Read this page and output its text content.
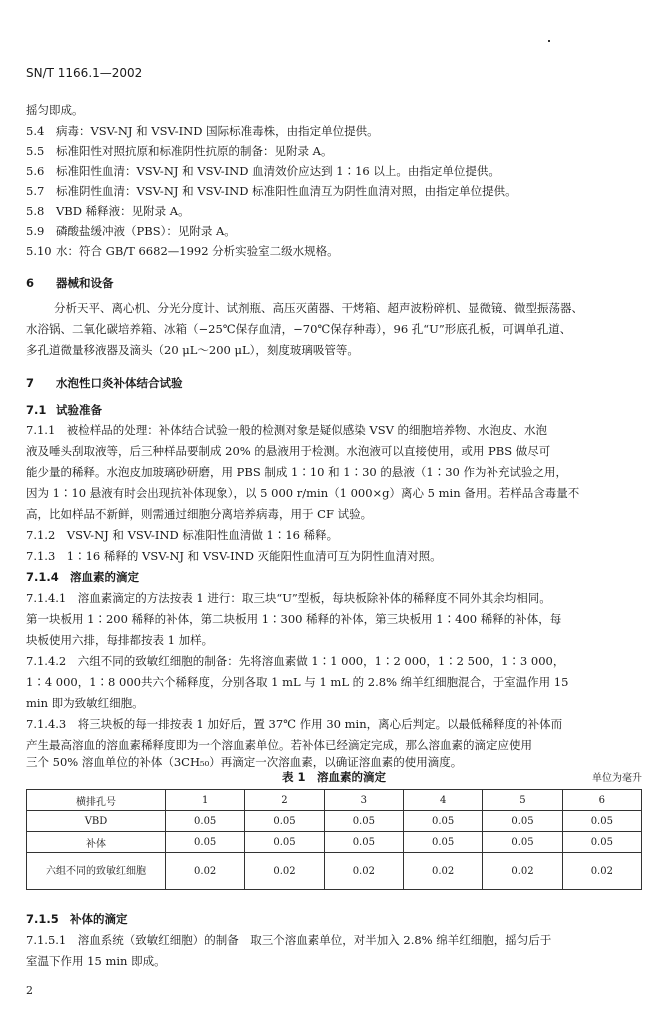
SN/T 1166.1—2002
摇匀即成。
5.4 病毒：VSV-NJ 和 VSV-IND 国际标准毒株，由指定单位提供。
5.5 标准阳性对照抗原和标准阴性抗原的制备：见附录 A。
5.6 标准阳性血清：VSV-NJ 和 VSV-IND 血清效价应达到 1∶16 以上。由指定单位提供。
5.7 标准阴性血清：VSV-NJ 和 VSV-IND 标准阳性血清互为阴性血清对照，由指定单位提供。
5.8 VBD 稀释液：见附录 A。
5.9 磷酸盐缓冲液（PBS）：见附录 A。
5.10 水：符合 GB/T 6682—1992 分析实验室二级水规格。
6 器械和设备
分析天平、离心机、分光分度计、试剂瓶、高压灭菌器、干烤箱、超声波粉碎机、显微镜、微型振荡器、
水浴锅、二氧化碳培养箱、冰箱（−25℃保存血清，−70℃保存种毒），96 孔“U”形底孔板，可调单孔道、
多孔道微量移液器及滴头（20 μL～200 μL），刻度玻璃吸管等。
7 水泡性口炎补体结合试验
7.1 试验准备
7.1.1　被检样品的处理：补体结合试验一般的检测对象是疑似感染 VSV 的细胞培养物、水泡皮、水泡
液及唾头刮取液等，后三种样品要制成 20% 的悬液用于检测。水泡液可以直接使用，或用 PBS 做尽可
能少量的稀释。水泡皮加玻璃砂研磨，用 PBS 制成 1∶10 和 1∶30 的悬液（1∶30 作为补充试验之用，
因为 1∶10 悬液有时会出现抗补体现象），以 5 000 r/min（1 000×g）离心 5 min 备用。若样品含毒量不
高，比如样品不新鲜，则需通过细胞分离培养病毒，用于 CF 试验。
7.1.2　VSV-NJ 和 VSV-IND 标准阳性血清做 1∶16 稀释。
7.1.3　1∶16 稀释的 VSV-NJ 和 VSV-IND 灭能阳性血清可互为阴性血清对照。
7.1.4 溶血素的滴定
7.1.4.1　溶血素滴定的方法按表 1 进行：取三块“U”型板，每块板除补体的稀释度不同外其余均相同。
第一块板用 1∶200 稀释的补体，第二块板用 1∶300 稀释的补体，第三块板用 1∶400 稀释的补体，每
块板使用六排，每排都按表 1 加样。
7.1.4.2　六组不同的致敏红细胞的制备：先将溶血素做 1∶1 000，1∶2 000，1∶2 500，1∶3 000，
1∶4 000，1∶8 000共六个稀释度，分别各取 1 mL 与 1 mL 的 2.8% 绵羊红细胞混合，于室温作用 15
min 即为致敏红细胞。
7.1.4.3　将三块板的每一排按表 1 加好后，置 37℃ 作用 30 min，离心后判定。以最低稀释度的补体而
产生最高溶血的溶血素稀释度即为一个溶血素单位。若补体已经滴定完成，那么溶血素的滴定应使用
三个 50% 溶血单位的补体（3CH₅₀）再滴定一次溶血素，以确证溶血素的使用滴度。
表 1　溶血素的滴定	单位为毫升
横排孔号	1	2	3	4	5	6
VBD	0.05	0.05	0.05	0.05	0.05	0.05
补体	0.05	0.05	0.05	0.05	0.05	0.05
六组不同的致敏红细胞	0.02	0.02	0.02	0.02	0.02	0.02
7.1.5 补体的滴定
7.1.5.1　溶血系统（致敏红细胞）的制备　取三个溶血素单位，对半加入 2.8% 绵羊红细胞，摇匀后于
室温下作用 15 min 即成。
2
